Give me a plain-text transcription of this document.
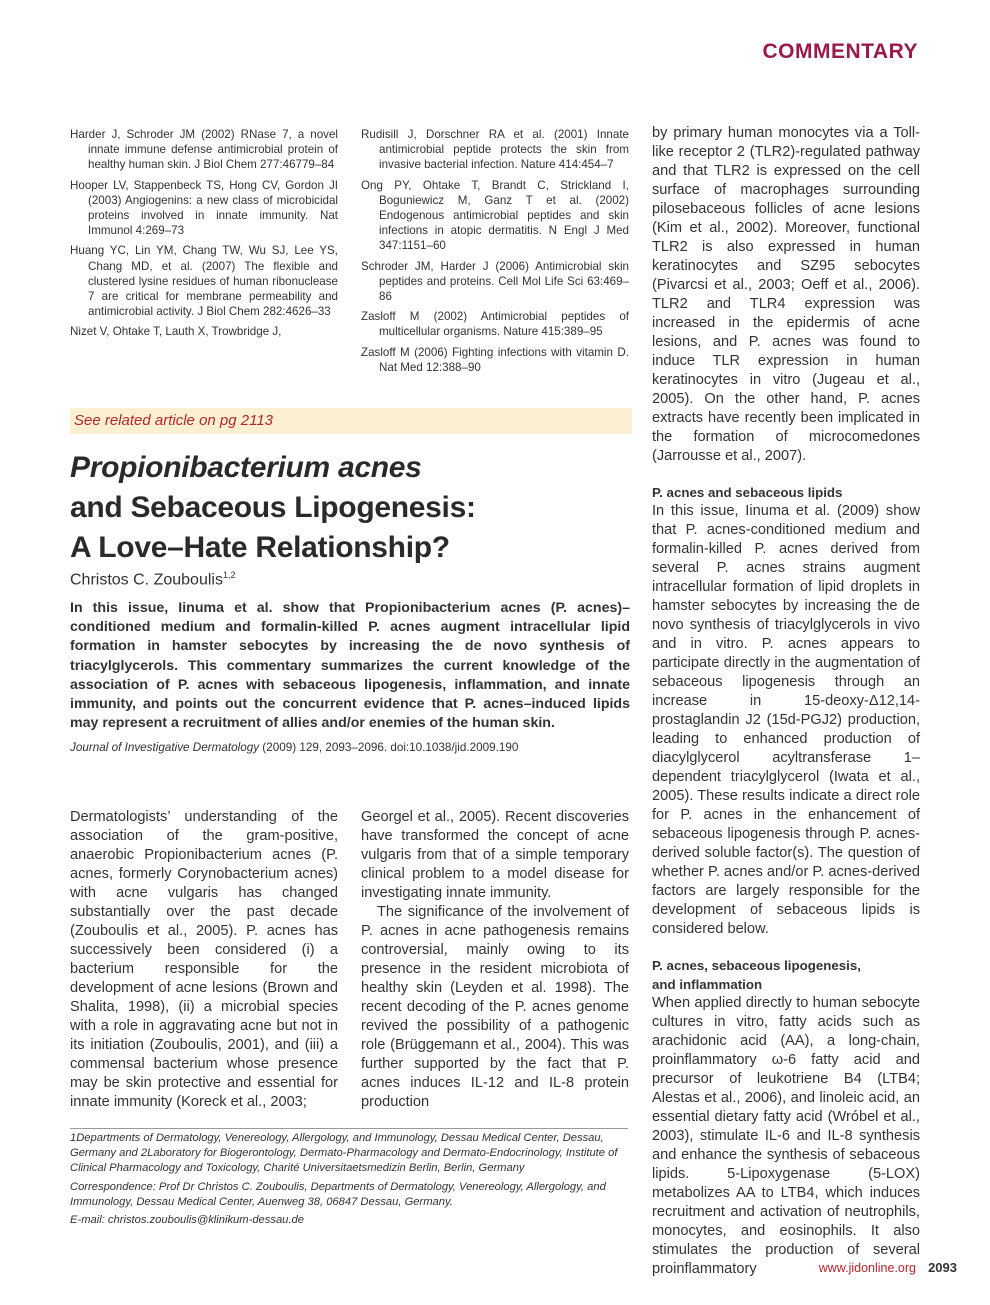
COMMENTARY

Harder J, Schroder JM (2002) RNase 7, a novel innate immune defense antimicrobial protein of healthy human skin. J Biol Chem 277:46779–84

Hooper LV, Stappenbeck TS, Hong CV, Gordon JI (2003) Angiogenins: a new class of microbicidal proteins involved in innate immunity. Nat Immunol 4:269–73

Huang YC, Lin YM, Chang TW, Wu SJ, Lee YS, Chang MD, et al. (2007) The flexible and clustered lysine residues of human ribonuclease 7 are critical for membrane permeability and antimicrobial activity. J Biol Chem 282:4626–33

Nizet V, Ohtake T, Lauth X, Trowbridge J,

Rudisill J, Dorschner RA et al. (2001) Innate antimicrobial peptide protects the skin from invasive bacterial infection. Nature 414:454–7

Ong PY, Ohtake T, Brandt C, Strickland I, Boguniewicz M, Ganz T et al. (2002) Endogenous antimicrobial peptides and skin infections in atopic dermatitis. N Engl J Med 347:1151–60

Schroder JM, Harder J (2006) Antimicrobial skin peptides and proteins. Cell Mol Life Sci 63:469–86

Zasloff M (2002) Antimicrobial peptides of multicellular organisms. Nature 415:389–95

Zasloff M (2006) Fighting infections with vitamin D. Nat Med 12:388–90

See related article on pg 2113
Propionibacterium acnes
and Sebaceous Lipogenesis:
A Love–Hate Relationship?
Christos C. Zouboulis$^{1,2}$
In this issue, Iinuma et al. show that Propionibacterium acnes (P. acnes)–conditioned medium and formalin-killed P. acnes augment intracellular lipid formation in hamster sebocytes by increasing the de novo synthesis of triacylglycerols. This commentary summarizes the current knowledge of the association of P. acnes with sebaceous lipogenesis, inflammation, and innate immunity, and points out the concurrent evidence that P. acnes–induced lipids may represent a recruitment of allies and/or enemies of the human skin.
Journal of Investigative Dermatology (2009) 129, 2093–2096. doi:10.1038/jid.2009.190

Dermatologists’ understanding of the association of the gram-positive, anaerobic Propionibacterium acnes (P. acnes, formerly Corynobacterium acnes) with acne vulgaris has changed substantially over the past decade (Zouboulis et al., 2005). P. acnes has successively been considered (i) a bacterium responsible for the development of acne lesions (Brown and Shalita, 1998), (ii) a microbial species with a role in aggravating acne but not in its initiation (Zouboulis, 2001), and (iii) a commensal bacterium whose presence may be skin protective and essential for innate immunity (Koreck et al., 2003;

Georgel et al., 2005). Recent discoveries have transformed the concept of acne vulgaris from that of a simple temporary clinical problem to a model disease for investigating innate immunity.

The significance of the involvement of P. acnes in acne pathogenesis remains controversial, mainly owing to its presence in the resident microbiota of healthy skin (Leyden et al. 1998). The recent decoding of the P. acnes genome revived the possibility of a pathogenic role (Brüggemann et al., 2004). This was further supported by the fact that P. acnes induces IL-12 and IL-8 protein production

by primary human monocytes via a Toll-like receptor 2 (TLR2)-regulated pathway and that TLR2 is expressed on the cell surface of macrophages surrounding pilosebaceous follicles of acne lesions (Kim et al., 2002). Moreover, functional TLR2 is also expressed in human keratinocytes and SZ95 sebocytes (Pivarcsi et al., 2003; Oeff et al., 2006). TLR2 and TLR4 expression was increased in the epidermis of acne lesions, and P. acnes was found to induce TLR expression in human keratinocytes in vitro (Jugeau et al., 2005). On the other hand, P. acnes extracts have recently been implicated in the formation of microcomedones (Jarrousse et al., 2007).

P. acnes and sebaceous lipids

In this issue, Iinuma et al. (2009) show that P. acnes-conditioned medium and formalin-killed P. acnes derived from several P. acnes strains augment intracellular formation of lipid droplets in hamster sebocytes by increasing the de novo synthesis of triacylglycerols in vivo and in vitro. P. acnes appears to participate directly in the augmentation of sebaceous lipogenesis through an increase in 15-deoxy-Δ12,14-prostaglandin J2 (15d-PGJ2) production, leading to enhanced production of diacylglycerol acyltransferase 1–dependent triacylglycerol (Iwata et al., 2005). These results indicate a direct role for P. acnes in the enhancement of sebaceous lipogenesis through P. acnes-derived soluble factor(s). The question of whether P. acnes and/or P. acnes-derived factors are largely responsible for the development of sebaceous lipids is considered below.

P. acnes, sebaceous lipogenesis,
and inflammation

When applied directly to human sebocyte cultures in vitro, fatty acids such as arachidonic acid (AA), a long-chain, proinflammatory ω-6 fatty acid and precursor of leukotriene B4 (LTB4; Alestas et al., 2006), and linoleic acid, an essential dietary fatty acid (Wróbel et al., 2003), stimulate IL-6 and IL-8 synthesis and enhance the synthesis of sebaceous lipids. 5-Lipoxygenase (5-LOX) metabolizes AA to LTB4, which induces recruitment and activation of neutrophils, monocytes, and eosinophils. It also stimulates the production of several proinflammatory

1Departments of Dermatology, Venereology, Allergology, and Immunology, Dessau Medical Center, Dessau, Germany and 2Laboratory for Biogerontology, Dermato-Pharmacology and Dermato-Endocrinology, Institute of Clinical Pharmacology and Toxicology, Charité Universitaetsmedizin Berlin, Berlin, Germany

Correspondence: Prof Dr Christos C. Zouboulis, Departments of Dermatology, Venereology, Allergology, and Immunology, Dessau Medical Center, Auenweg 38, 06847 Dessau, Germany.

E-mail: christos.zouboulis@klinikum-dessau.de

www.jidonline.org 2093
